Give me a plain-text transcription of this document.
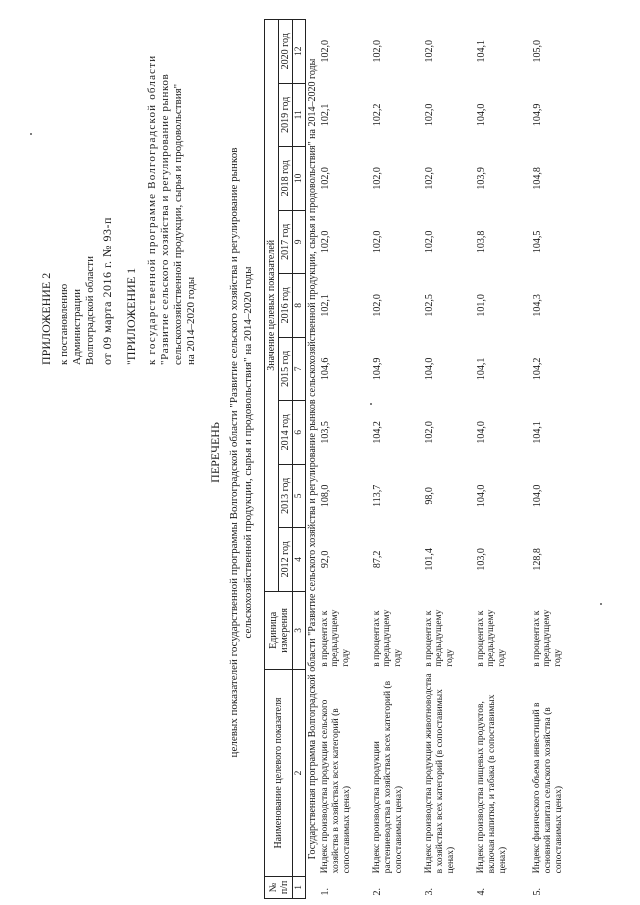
ПРИЛОЖЕНИЕ 2 к постановлению Администрации Волгоградской области от 09 марта 2016 г. № 93-п "ПРИЛОЖЕНИЕ 1 к государственной программе Волгоградской области "Развитие сельского хозяйства и регулирование рынков сельскохозяйственной продукции, сырья и продовольствия" на 2014–2020 годы
ПЕРЕЧЕНЬ целевых показателей государственной программы Волгоградской области "Развитие сельского хозяйства и регулирование рынков сельскохозяйственной продукции, сырья и продовольствия" на 2014–2020 годы
№ п/п	Наименование целевого показателя	Единица измерения	Значение целевых показателей								
			2012 год	2013 год	2014 год	2015 год	2016 год	2017 год	2018 год	2019 год	2020 год
1	2	3	4	5	6	7	8	9	10	11	12
Государственная программа Волгоградской области "Развитие сельского хозяйства и регулирование рынков сельскохозяйственной продукции, сырья и продовольствия" на 2014–2020 годы											
1.	Индекс производства продукции сельского хозяйства в хозяйствах всех категорий (в сопоставимых ценах)	в процентах к предыдущему году	92,0	108,0	103,5	104,6	102,1	102,0	102,0	102,1	102,0
2.	Индекс производства продукции растениеводства в хозяйствах всех категорий (в сопоставимых ценах)	в процентах к предыдущему году	87,2	113,7	104,2	104,9	102,0	102,0	102,0	102,2	102,0
3.	Индекс производства продукции животноводства в хозяйствах всех категорий (в сопоставимых ценах)	в процентах к предыдущему году	101,4	98,0	102,0	104,0	102,5	102,0	102,0	102,0	102,0
4.	Индекс производства пищевых продуктов, включая напитки, и табака (в сопоставимых ценах)	в процентах к предыдущему году	103,0	104,0	104,0	104,1	101,0	103,8	103,9	104,0	104,1
5.	Индекс физического объема инвестиций в основной капитал сельского хозяйства (в сопоставимых ценах)	в процентах к предыдущему году	128,8	104,0	104,1	104,2	104,3	104,5	104,8	104,9	105,0
